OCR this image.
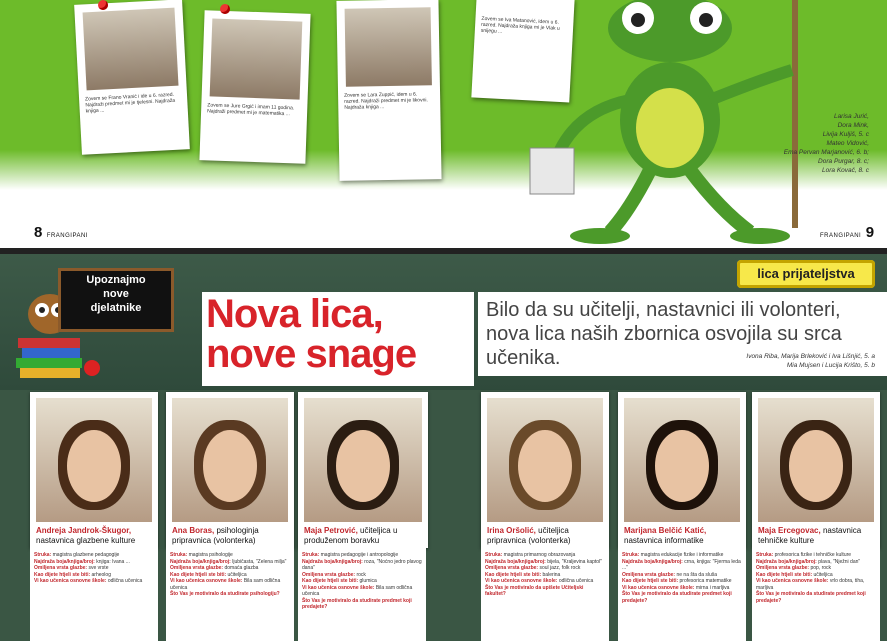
Zovem se Frano Vranić i ide u 6. razred. Najdraži predmet mi je tjelesni. Najdraža knjiga ...	Zovem se Jure Grgić i imam 11 godina. Najdraži predmet mi je matematika ...
Zovem se Lara Zuppić, idem u 6. razred. Najdraži predmet mi je likovni. Najdraža knjiga ...
Zovem se Iva Matanović, idem u 6. razred. Najdraža knjiga mi je Vlak u snijegu ...
Larisa Jurić,
Dora Mink,
Livija Kuljiš, 5. c
Mateo Vidović,
Ema Pervan Marjanović, 6. b;
Dora Purgar, 8. c;
Lora Kovač, 8. c
8 FRANGIPANI	FRANGIPANI 9
Upoznajmo
nove
djelatnike
lica prijateljstva
Nova lica,
nove snage
Bilo da su učitelji, nastavnici ili volonteri, nova lica naših zbornica osvojila su srca učenika.	Ivona Riba, Marija Brleković i Iva Lišnjić, 5. a
Mia Mujsen i Lucija Krišto, 5. b
Andreja Jandrok-Škugor, nastavnica glazbene kulture
Struka: magistra glazbene pedagogije
Najdraža boja/knjiga/broj: knjiga: Ivana ...
Omiljena vrsta glazbe: sve vrste
Kao dijete htjeli ste biti: arheolog
Vi kao učenica osnovne škole: odlična učenica
Ana Boras, psihologinja pripravnica (volonterka)
Struka: magistra psihologije
Najdraža boja/knjiga/broj: ljubičasta, "Zelena milja"
Omiljena vrsta glazbe: domaća glazba
Kao dijete htjeli ste biti: učiteljica
Vi kao učenica osnovne škole: Bila sam odlična učenica
Što Vas je motiviralo da studirate psihologiju?
Maja Petrović, učiteljica u produženom boravku
Struka: magistra pedagogije i antropologije
Najdraža boja/knjiga/broj: roza, "Noćno jedro plavog dana"
Omiljena vrsta glazbe: rock
Kao dijete htjeli ste biti: glumica
Vi kao učenica osnovne škole: Bila sam odlična učenica
Što Vas je motiviralo da studirate predmet koji predajete?
Irina Oršolić, učiteljica pripravnica (volonterka)
Struka: magistra primarnog obrazovanja
Najdraža boja/knjiga/broj: bijela, "Kraljevina kaptol"
Omiljena vrsta glazbe: soul jazz, folk rock
Kao dijete htjeli ste biti: balerina
Vi kao učenica osnovne škole: odlična učenica
Što Vas je motiviralo da upišete Učiteljski fakultet?
Marijana Belčić Katić, nastavnica informatike
Struka: magistra edukacije fizike i informatike
Najdraža boja/knjiga/broj: crna, knjiga: "Fjerma leda ..."
Omiljena vrsta glazbe: ne na šta da sluša
Kao dijete htjeli ste biti: profesorica matematike
Vi kao učenica osnovne škole: mirna i marljiva
Što Vas je motiviralo da studirate predmet koji predajete?
Maja Ercegovac, nastavnica tehničke kulture
Struka: profesorica fizike i tehničke kulture
Najdraža boja/knjiga/broj: plava, "Nježni dan"
Omiljena vrsta glazbe: pop, rock
Kao dijete htjeli ste biti: učiteljica
Vi kao učenica osnovne škole: vrlo dobra, tiha, marljiva
Što Vas je motiviralo da studirate predmet koji predajete?
